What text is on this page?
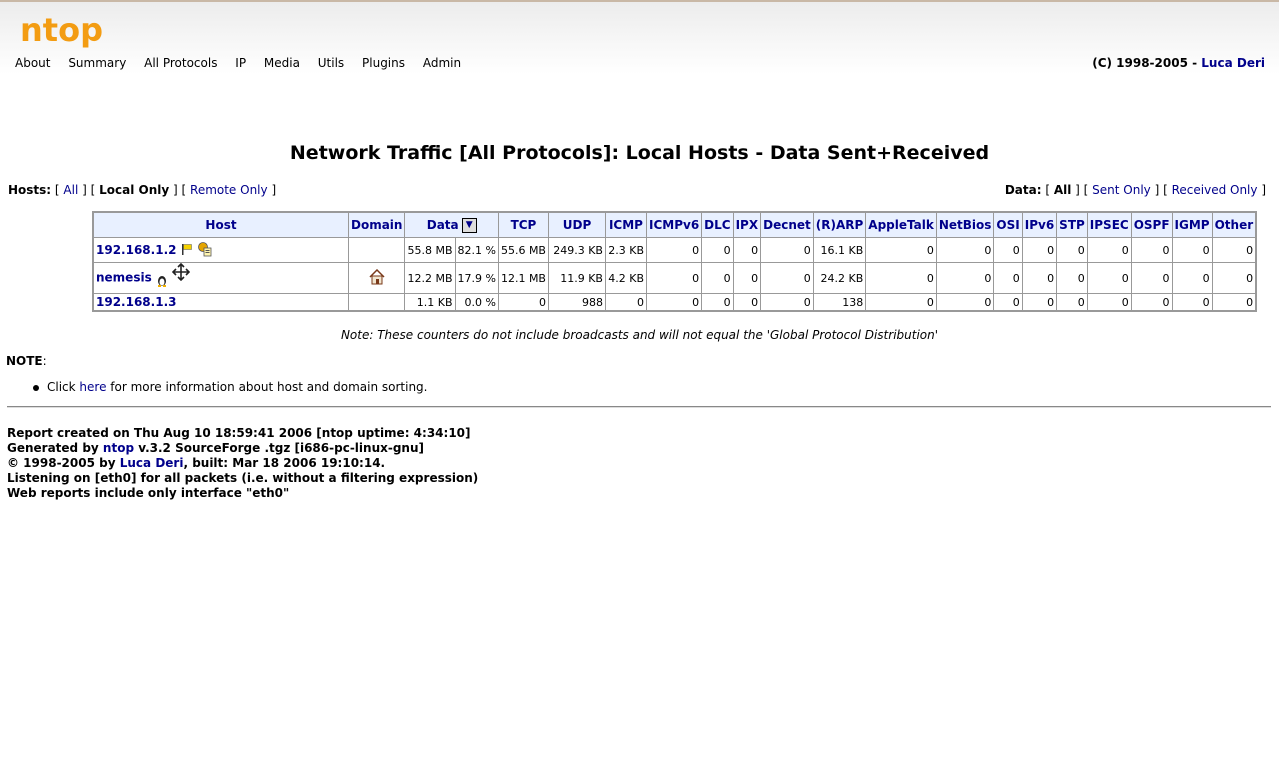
ntop
About Summary All Protocols IP Media Utils Plugins Admin	(C) 1998-2005 - Luca Deri
Network Traffic [All Protocols]: Local Hosts - Data Sent+Received
Hosts: [ All ] [ Local Only ] [ Remote Only ]	Data: [ All ] [ Sent Only ] [ Received Only ]
Host	Domain	Data ▼		TCP	UDP	ICMP	ICMPv6	DLC	IPX	Decnet	(R)ARP	AppleTalk	NetBios	OSI	IPv6	STP	IPSEC	OSPF	IGMP	Other
192.168.1.2		55.8 MB	82.1 %	55.6 MB	249.3 KB	2.3 KB	0	0	0	0	16.1 KB	0	0	0	0	0	0	0	0	0
nemesis		12.2 MB	17.9 %	12.1 MB	11.9 KB	4.2 KB	0	0	0	0	24.2 KB	0	0	0	0	0	0	0	0	0
192.168.1.3		1.1 KB	0.0 %	0	988	0	0	0	0	0	138	0	0	0	0	0	0	0	0	0
Note: These counters do not include broadcasts and will not equal the 'Global Protocol Distribution'
NOTE:
Click here for more information about host and domain sorting.
Report created on Thu Aug 10 18:59:41 2006 [ntop uptime: 4:34:10]
Generated by ntop v.3.2 SourceForge .tgz [i686-pc-linux-gnu]
© 1998-2005 by Luca Deri, built: Mar 18 2006 19:10:14.
Listening on [eth0] for all packets (i.e. without a filtering expression)
Web reports include only interface "eth0"
